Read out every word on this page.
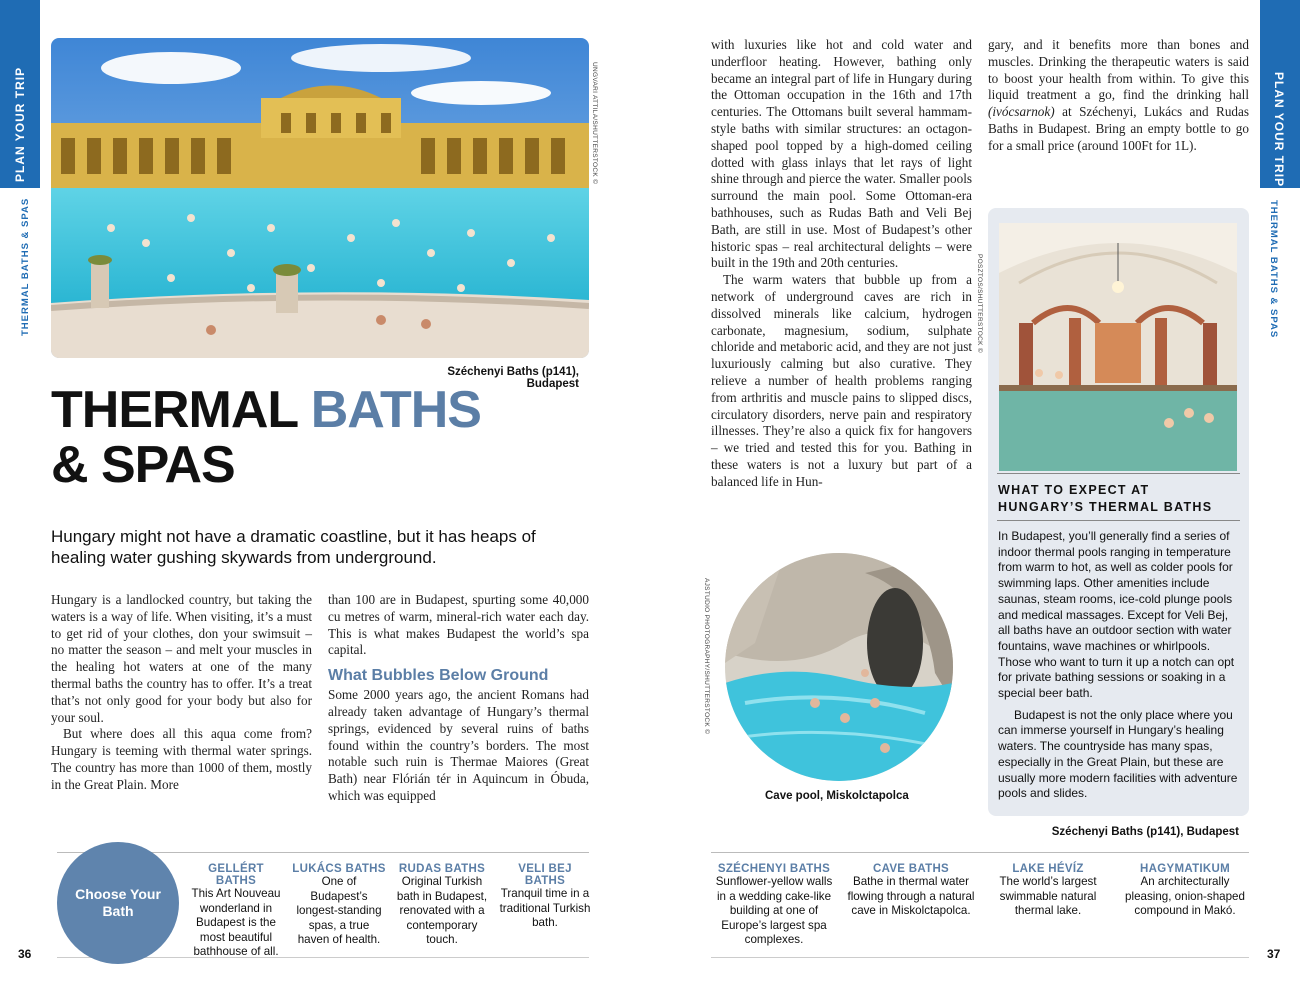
PLAN YOUR TRIP
THERMAL BATHS & SPAS
UNGVARI ATTILA/SHUTTERSTOCK ©
Széchenyi Baths (p141), Budapest
THERMAL BATHS
& SPAS
Hungary might not have a dramatic coastline, but it has heaps of healing water gushing skywards from underground.

Hungary is a landlocked country, but taking the waters is a way of life. When visiting, it’s a must to get rid of your clothes, don your swimsuit – no matter the season – and melt your muscles in the healing hot waters at one of the many thermal baths the country has to offer. It’s a treat that’s not only good for your body but also for your soul.

But where does all this aqua come from? Hungary is teeming with thermal water springs. The country has more than 1000 of them, mostly in the Great Plain. More

than 100 are in Budapest, spurting some 40,000 cu metres of warm, mineral-rich water each day. This is what makes Budapest the world’s spa capital.

What Bubbles Below Ground

Some 2000 years ago, the ancient Romans had already taken advantage of Hungary’s thermal springs, evidenced by several ruins of baths found within the country’s borders. The most notable such ruin is Thermae Maiores (Great Bath) near Flórián tér in Aquincum in Óbuda, which was equipped

Choose Your Bath
GELLÉRT BATHS
This Art Nouveau wonderland in Budapest is the most beautiful bathhouse of all.
LUKÁCS BATHS
One of Budapest’s longest-standing spas, a true haven of health.
RUDAS BATHS
Original Turkish bath in Budapest, renovated with a contemporary touch.
VELI BEJ BATHS
Tranquil time in a traditional Turkish bath.
36
PLAN YOUR TRIP
THERMAL BATHS & SPAS

with luxuries like hot and cold water and underfloor heating. However, bathing only became an integral part of life in Hungary during the Ottoman occupation in the 16th and 17th centuries. The Ottomans built several hammam-style baths with similar structures: an octagon-shaped pool topped by a high-domed ceiling dotted with glass inlays that let rays of light shine through and pierce the water. Smaller pools surround the main pool. Some Ottoman-era bathhouses, such as Rudas Bath and Veli Bej Bath, are still in use. Most of Budapest’s other historic spas – real architectural delights – were built in the 19th and 20th centuries.

The warm waters that bubble up from a network of underground caves are rich in dissolved minerals like calcium, hydrogen carbonate, magnesium, sodium, sulphate chloride and metaboric acid, and they are not just luxuriously calming but also curative. They relieve a number of health problems ranging from arthritis and muscle pains to slipped discs, circulatory disorders, nerve pain and respiratory illnesses. They’re also a quick fix for hangovers – we tried and tested this for you. Bathing in these waters is not a luxury but part of a balanced life in Hun-

gary, and it benefits more than bones and muscles. Drinking the therapeutic waters is said to boost your health from within. To give this liquid treatment a go, find the drinking hall (ivócsarnok) at Széchenyi, Lukács and Rudas Baths in Budapest. Bring an empty bottle to go for a small price (around 100Ft for 1L).

AJSTUDIO PHOTOGRAPHY/SHUTTERSTOCK ©
Cave pool, Miskolctapolca
WHAT TO EXPECT AT
HUNGARY’S THERMAL BATHS

In Budapest, you’ll generally find a series of indoor thermal pools ranging in temperature from warm to hot, as well as colder pools for swimming laps. Other amenities include saunas, steam rooms, ice-cold plunge pools and medical massages. Except for Veli Bej, all baths have an outdoor section with water fountains, wave machines or whirlpools. Those who want to turn it up a notch can opt for private bathing sessions or soaking in a special beer bath.

Budapest is not the only place where you can immerse yourself in Hungary’s healing waters. The countryside has many spas, especially in the Great Plain, but these are usually more modern facilities with adventure pools and slides.

POSZTOS/SHUTTERSTOCK ©
Széchenyi Baths (p141), Budapest
SZÉCHENYI BATHS
Sunflower-yellow walls in a wedding cake-like building at one of Europe’s largest spa complexes.
CAVE BATHS
Bathe in thermal water flowing through a natural cave in Miskolctapolca.
LAKE HÉVÍZ
The world’s largest swimmable natural thermal lake.
HAGYMATIKUM
An architecturally pleasing, onion-shaped compound in Makó.
37
